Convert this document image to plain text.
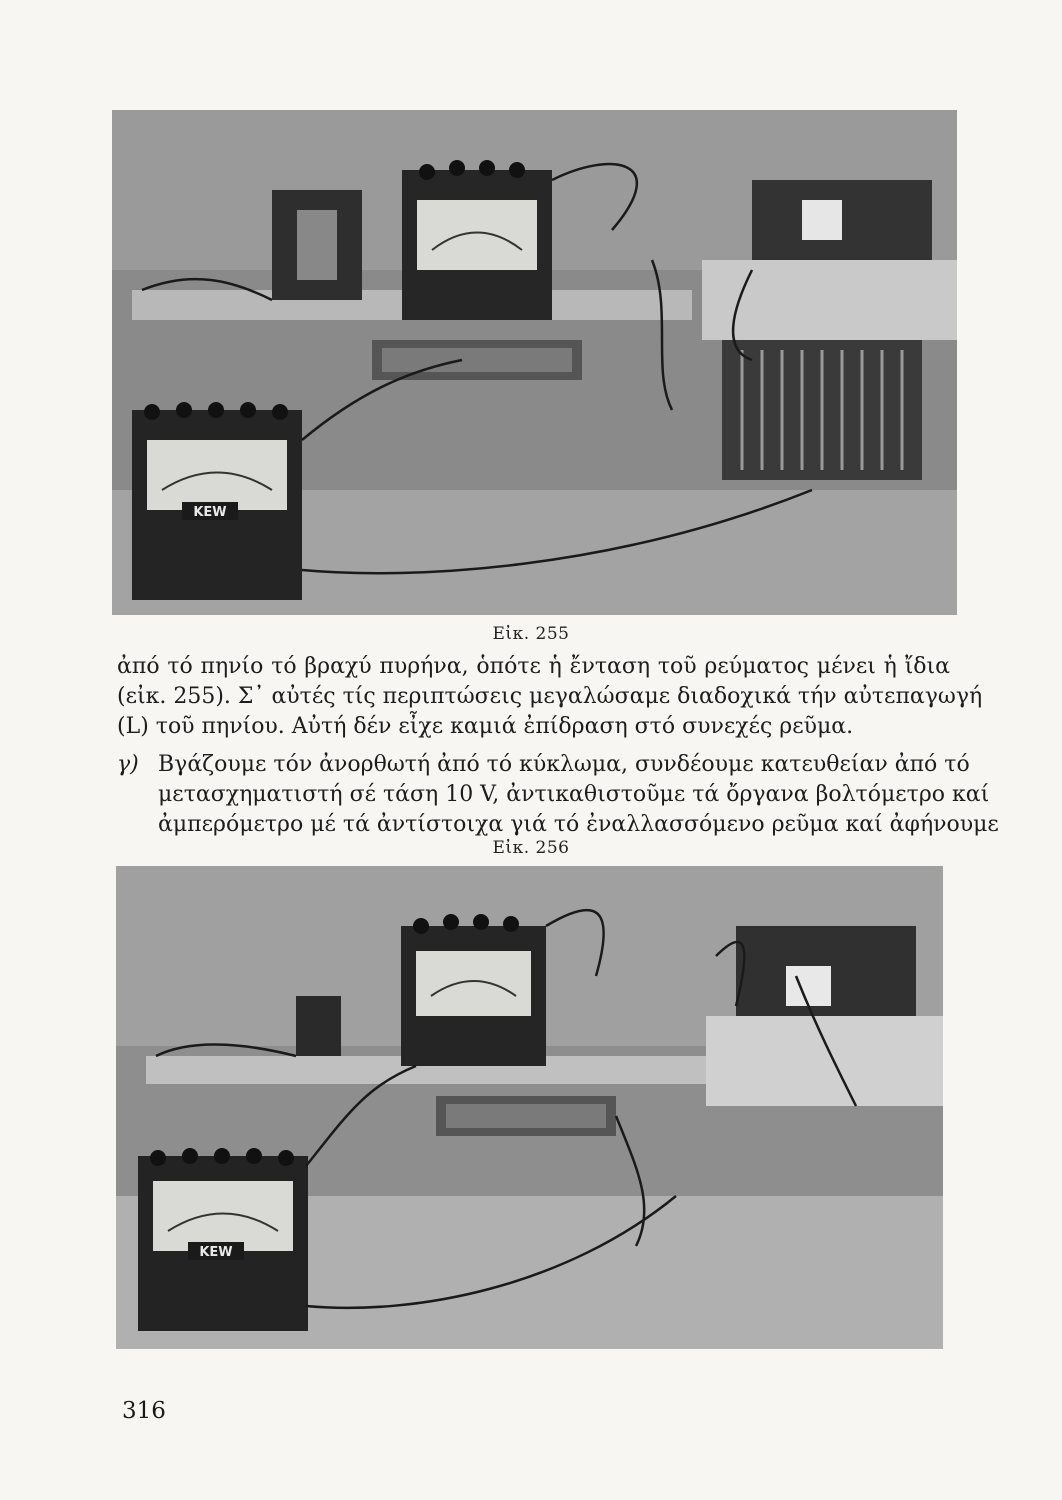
KEW
Εἰκ. 255
ἀπό τό πηνίο τό βραχύ πυρήνα, ὁπότε ἡ ἔνταση τοῦ ρεύματος μένει ἡ ἴδια
(εἰκ. 255). Σ᾽ αὐτές τίς περιπτώσεις μεγαλώσαμε διαδοχικά τήν αὐτεπαγωγή
(L) τοῦ πηνίου. Αὐτή δέν εἶχε καμιά ἐπίδραση στό συνεχές ρεῦμα.
γ) Βγάζουμε τόν ἀνορθωτή ἀπό τό κύκλωμα, συνδέουμε κατευθείαν ἀπό τό
μετασχηματιστή σέ τάση 10 V, ἀντικαθιστοῦμε τά ὄργανα βολτόμετρο καί
ἀμπερόμετρο μέ τά ἀντίστοιχα γιά τό ἐναλλασσόμενο ρεῦμα καί ἀφήνουμε
Εἰκ. 256
KEW
316
